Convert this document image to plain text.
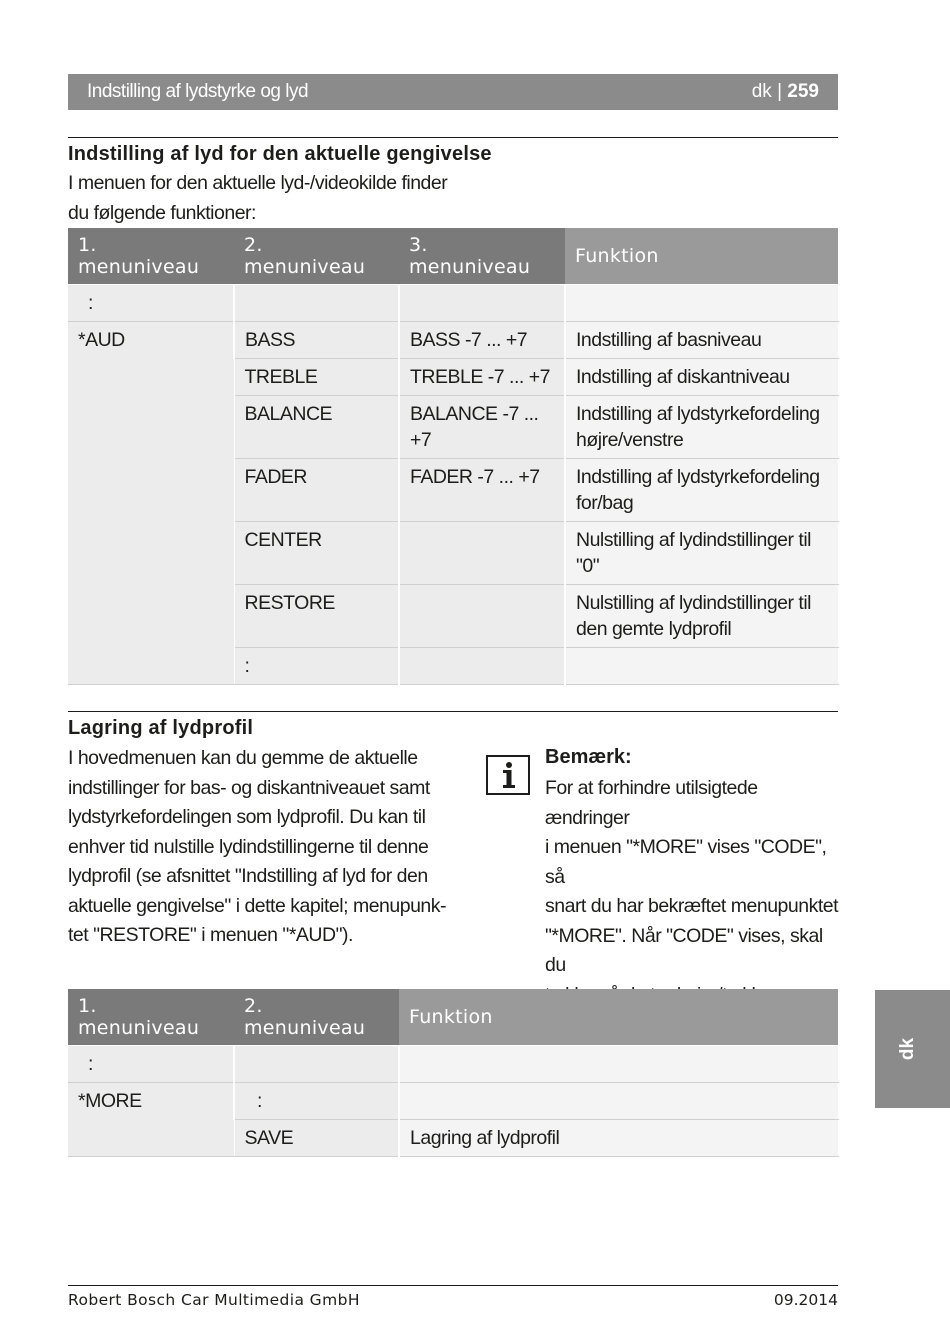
Indstilling af lydstyrke og lyd	dk | 259
Indstilling af lyd for den aktuelle gengivelse
I menuen for den aktuelle lyd-/videokilde finder
du følgende funktioner:
1. menuniveau	2. menuniveau	3. menuniveau	Funktion
:			
*AUD	BASS	BASS -7 ... +7	Indstilling af basniveau
	TREBLE	TREBLE -7 ... +7	Indstilling af diskantniveau
	BALANCE	BALANCE -7 ... +7	Indstilling af lydstyrkefordeling
højre/venstre

	FADER	FADER -7 ... +7	Indstilling af lydstyrkefordeling
for/bag

	CENTER		Nulstilling af lydindstillinger til
"0"

	RESTORE		Nulstilling af lydindstillinger til
den gemte lydprofil

	:		
Lagring af lydprofil
I hovedmenuen kan du gemme de aktuelle
indstillinger for bas- og diskantniveauet samt
lydstyrkefordelingen som lydprofil. Du kan til
enhver tid nulstille lydindstillingerne til denne
lydprofil (se afsnittet "Indstilling af lyd for den
aktuelle gengivelse" i dette kapitel; menupunk-
tet "RESTORE" i menuen "*AUD").
Bemærk:
For at forhindre utilsigtede ændringer
i menuen "*MORE" vises "CODE", så
snart du har bekræftet menupunktet
"*MORE". Når "CODE" vises, skal du

1. menuniveau	2. menuniveau	Funktion
:		
*MORE	:	
	SAVE	Lagring af lydprofil
dk
Robert Bosch Car Multimedia GmbH	09.2014
